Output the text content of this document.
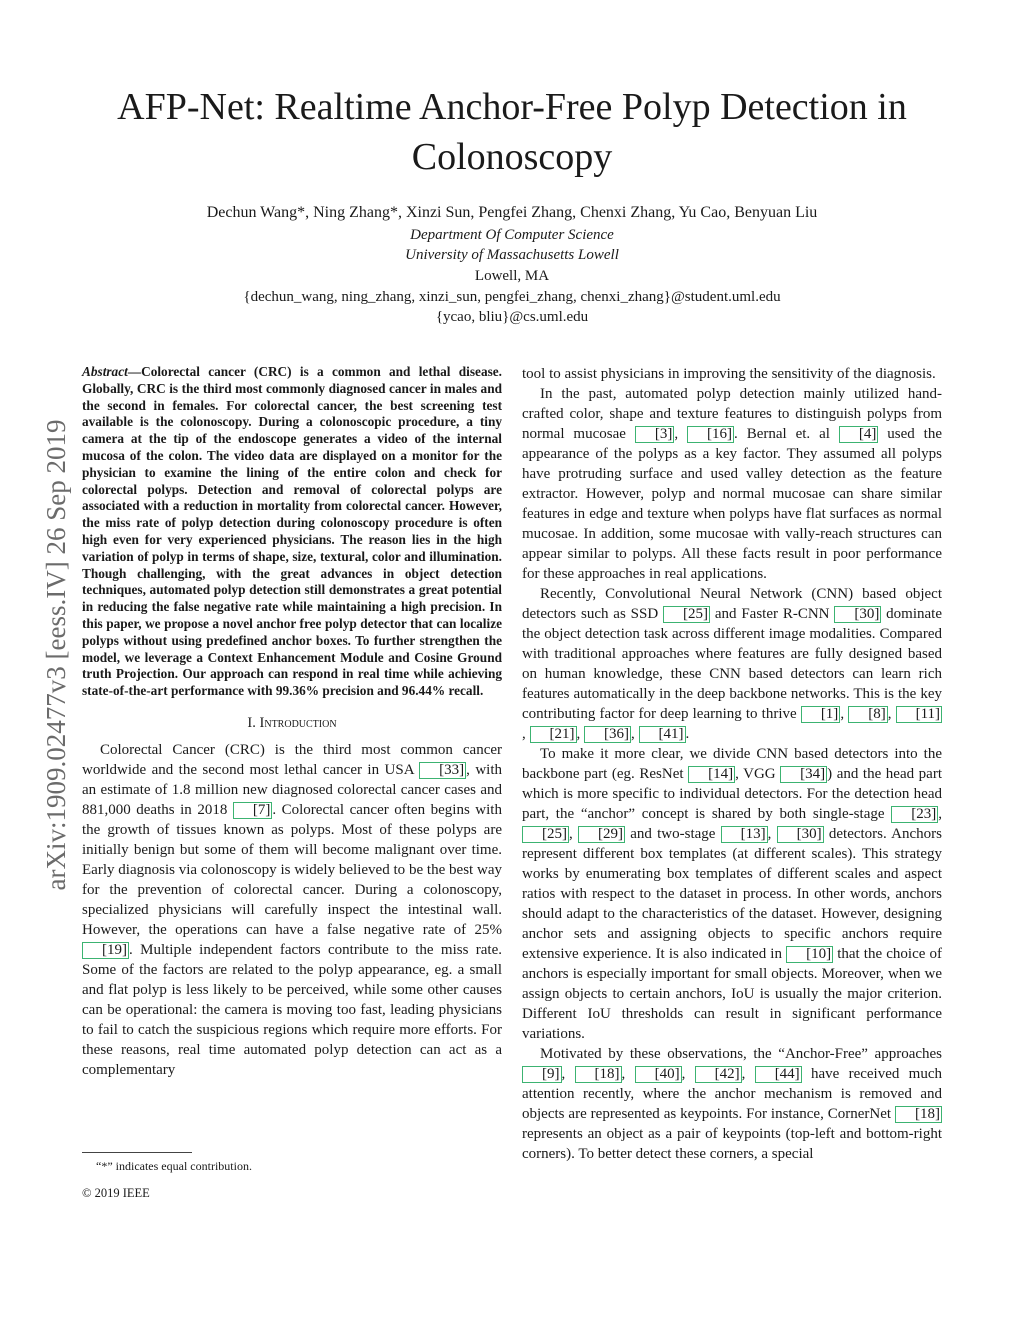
AFP-Net: Realtime Anchor-Free Polyp Detection in Colonoscopy
Dechun Wang*, Ning Zhang*, Xinzi Sun, Pengfei Zhang, Chenxi Zhang, Yu Cao, Benyuan Liu
Department Of Computer Science
University of Massachusetts Lowell
Lowell, MA
{dechun_wang, ning_zhang, xinzi_sun, pengfei_zhang, chenxi_zhang}@student.uml.edu
{ycao, bliu}@cs.uml.edu
arXiv:1909.02477v3 [eess.IV] 26 Sep 2019

Abstract—Colorectal cancer (CRC) is a common and lethal disease. Globally, CRC is the third most commonly diagnosed cancer in males and the second in females. For colorectal cancer, the best screening test available is the colonoscopy. During a colonoscopic procedure, a tiny camera at the tip of the endoscope generates a video of the internal mucosa of the colon. The video data are displayed on a monitor for the physician to examine the lining of the entire colon and check for colorectal polyps. Detection and removal of colorectal polyps are associated with a reduction in mortality from colorectal cancer. However, the miss rate of polyp detection during colonoscopy procedure is often high even for very experienced physicians. The reason lies in the high variation of polyp in terms of shape, size, textural, color and illumination. Though challenging, with the great advances in object detection techniques, automated polyp detection still demonstrates a great potential in reducing the false negative rate while maintaining a high precision. In this paper, we propose a novel anchor free polyp detector that can localize polyps without using predefined anchor boxes. To further strengthen the model, we leverage a Context Enhancement Module and Cosine Ground truth Projection. Our approach can respond in real time while achieving state-of-the-art performance with 99.36% precision and 96.44% recall.

I. Introduction

Colorectal Cancer (CRC) is the third most common cancer worldwide and the second most lethal cancer in USA [33] , with an estimate of 1.8 million new diagnosed colorectal cancer cases and 881,000 deaths in 2018 [7] . Colorectal cancer often begins with the growth of tissues known as polyps. Most of these polyps are initially benign but some of them will become malignant over time. Early diagnosis via colonoscopy is widely believed to be the best way for the prevention of colorectal cancer. During a colonoscopy, specialized physicians will carefully inspect the intestinal wall. However, the operations can have a false negative rate of 25% [19] . Multiple independent factors contribute to the miss rate. Some of the factors are related to the polyp appearance, eg. a small and flat polyp is less likely to be perceived, while some other causes can be operational: the camera is moving too fast, leading physicians to fail to catch the suspicious regions which require more efforts. For these reasons, real time automated polyp detection can act as a complementary

tool to assist physicians in improving the sensitivity of the diagnosis.

In the past, automated polyp detection mainly utilized hand-crafted color, shape and texture features to distinguish polyps from normal mucosae [3] , [16] . Bernal et. al [4] used the appearance of the polyps as a key factor. They assumed all polyps have protruding surface and used valley detection as the feature extractor. However, polyp and normal mucosae can share similar features in edge and texture when polyps have flat surfaces as normal mucosae. In addition, some mucosae with vally-reach structures can appear similar to polyps. All these facts result in poor performance for these approaches in real applications.

Recently, Convolutional Neural Network (CNN) based object detectors such as SSD [25] and Faster R-CNN [30] dominate the object detection task across different image modalities. Compared with traditional approaches where features are fully designed based on human knowledge, these CNN based detectors can learn rich features automatically in the deep backbone networks. This is the key contributing factor for deep learning to thrive [1] , [8] , [11], [21] , [36] , [41] .

To make it more clear, we divide CNN based detectors into the backbone part (eg. ResNet [14] , VGG [34] ) and the head part which is more specific to individual detectors. For the detection head part, the “anchor” concept is shared by both single-stage [23] , [25] , [29] and two-stage [13] , [30] detectors. Anchors represent different box templates (at different scales). This strategy works by enumerating box templates of different scales and aspect ratios with respect to the dataset in process. In other words, anchors should adapt to the characteristics of the dataset. However, designing anchor sets and assigning objects to specific anchors require extensive experience. It is also indicated in [10] that the choice of anchors is especially important for small objects. Moreover, when we assign objects to certain anchors, IoU is usually the major criterion. Different IoU thresholds can result in significant performance variations.

Motivated by these observations, the “Anchor-Free” approaches [9] , [18] , [40] , [42] , [44] have received much attention recently, where the anchor mechanism is removed and objects are represented as keypoints. For instance, CornerNet [18] represents an object as a pair of keypoints (top-left and bottom-right corners). To better detect these corners, a special

“*” indicates equal contribution.
© 2019 IEEE
